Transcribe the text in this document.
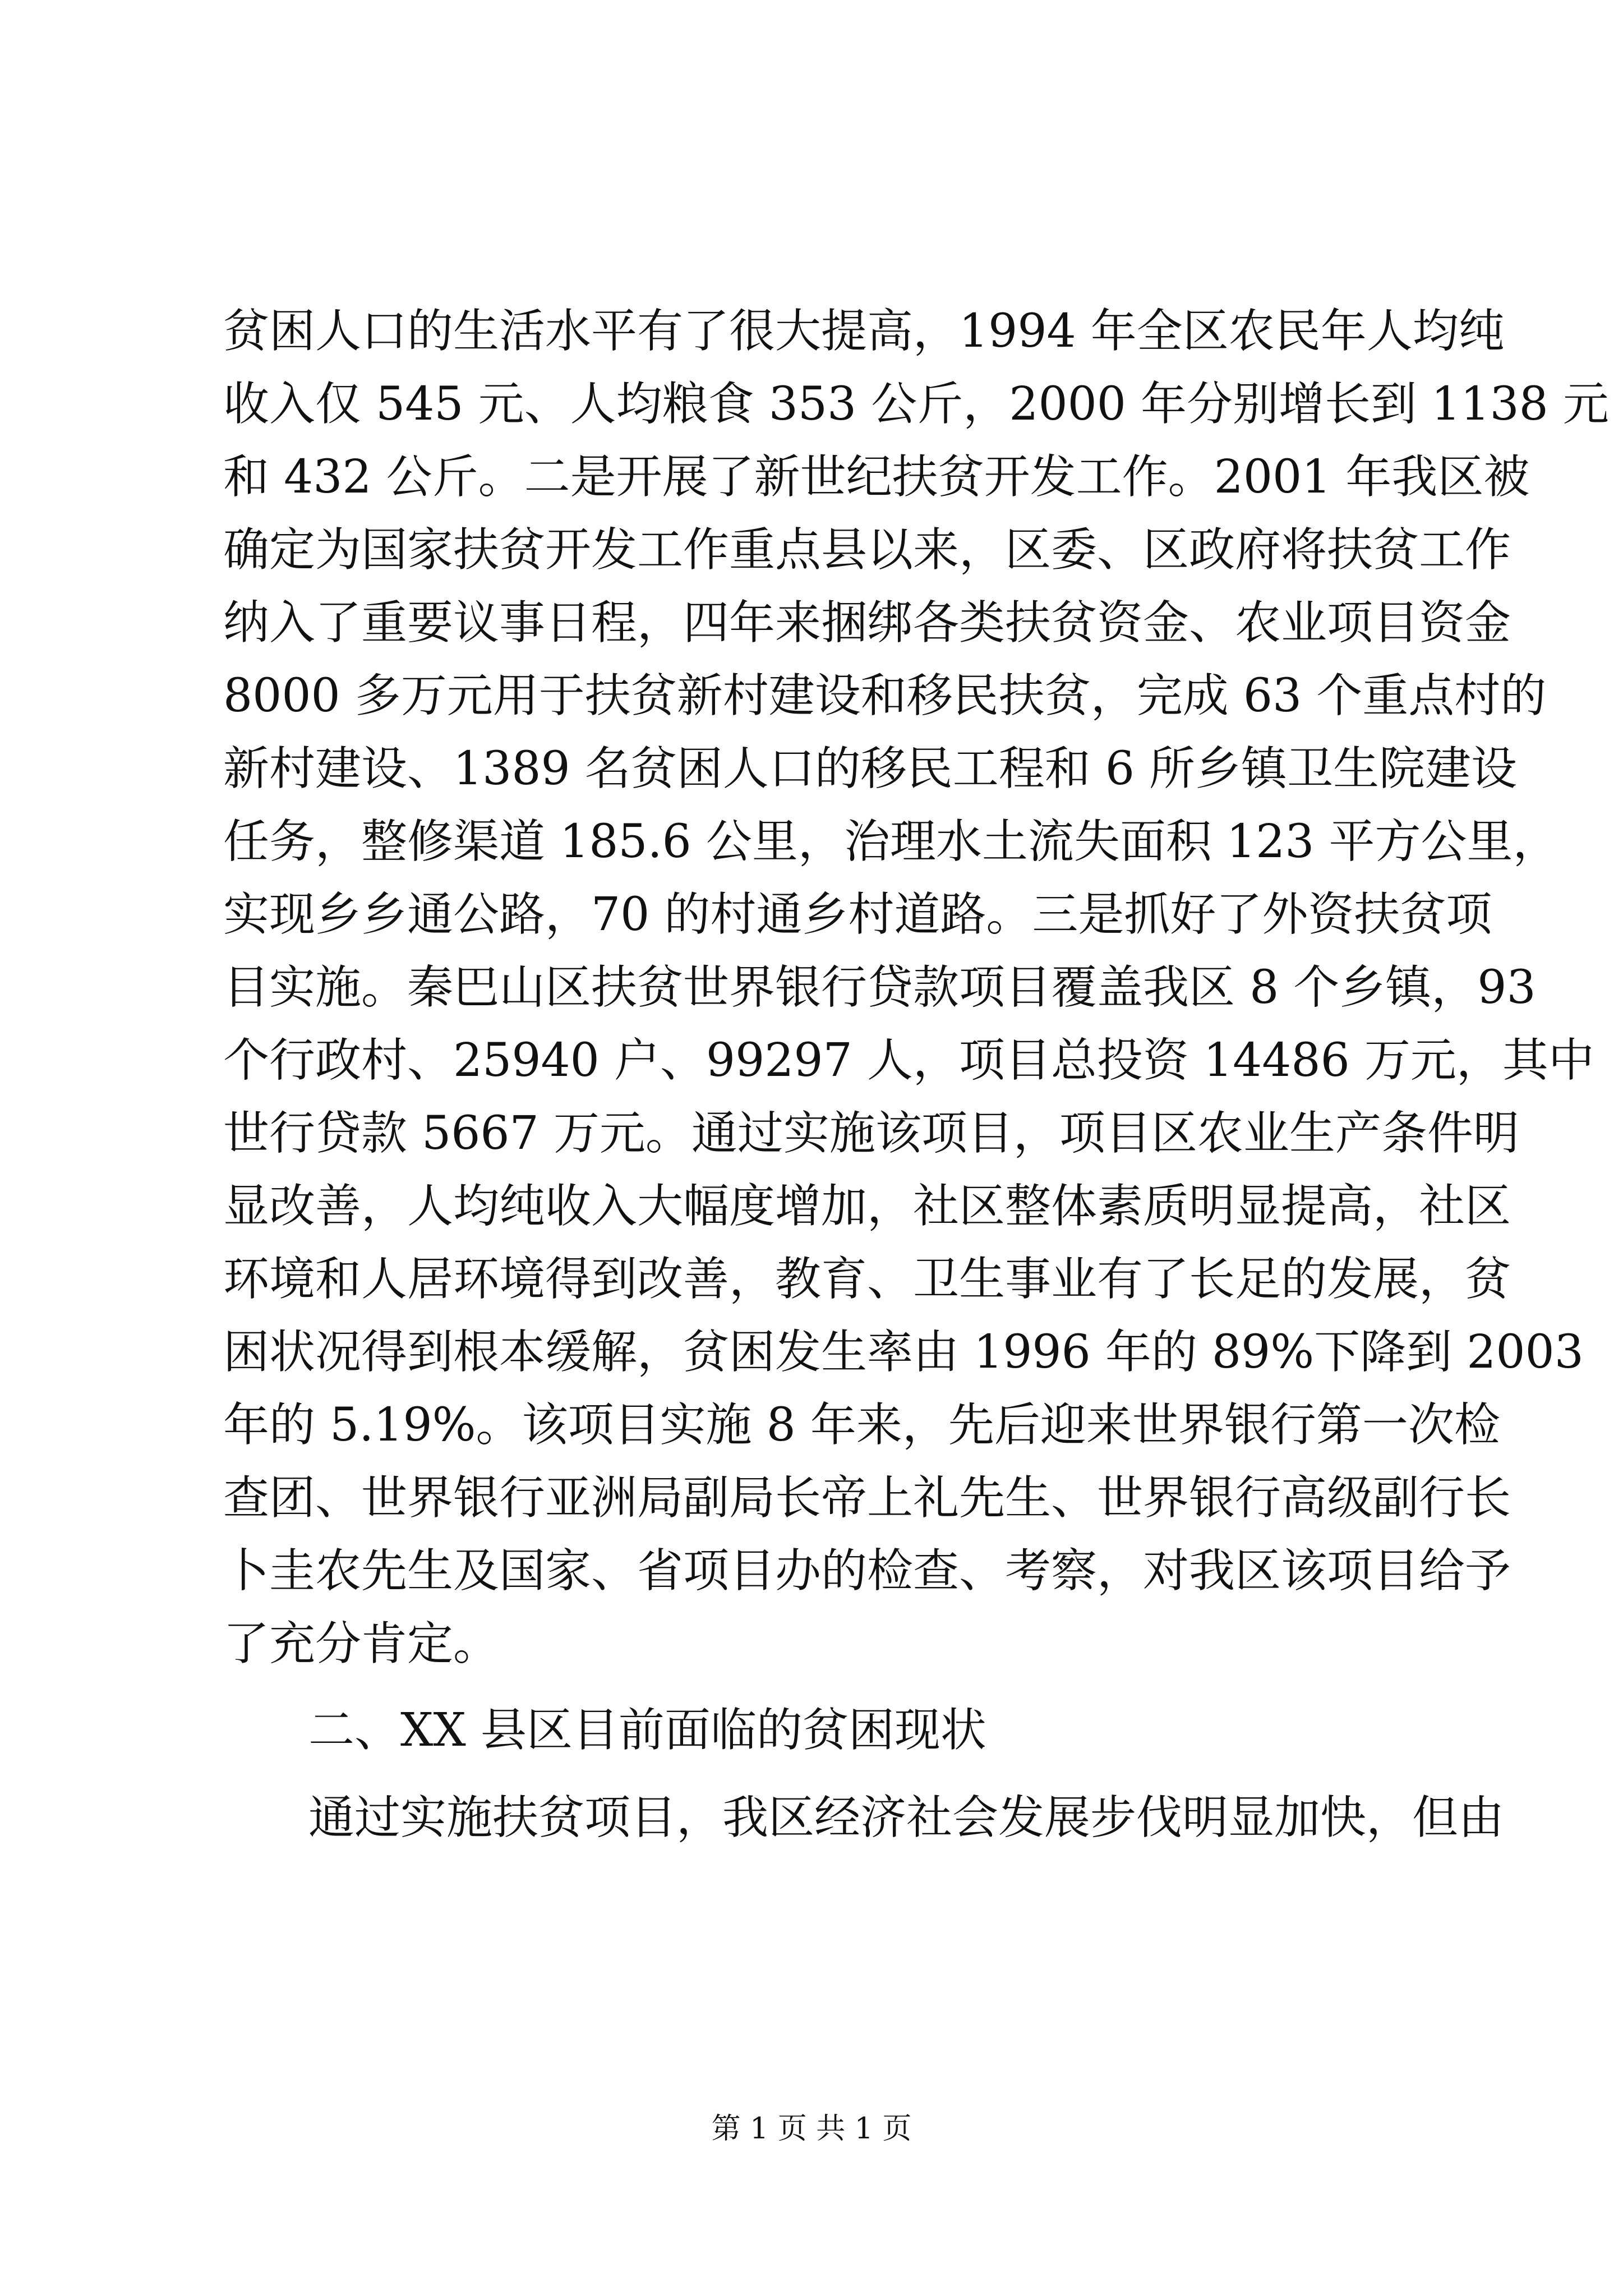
贫困人口的生活水平有了很大提高，1994 年全区农民年人均纯
收入仅 545 元、人均粮食 353 公斤，2000 年分别增长到 1138 元
和 432 公斤。二是开展了新世纪扶贫开发工作。2001 年我区被
确定为国家扶贫开发工作重点县以来，区委、区政府将扶贫工作
纳入了重要议事日程，四年来捆绑各类扶贫资金、农业项目资金
8000 多万元用于扶贫新村建设和移民扶贫，完成 63 个重点村的
新村建设、1389 名贫困人口的移民工程和 6 所乡镇卫生院建设
任务，整修渠道 185.6 公里，治理水土流失面积 123 平方公里，
实现乡乡通公路，70 的村通乡村道路。三是抓好了外资扶贫项
目实施。秦巴山区扶贫世界银行贷款项目覆盖我区 8 个乡镇，93
个行政村、25940 户、99297 人，项目总投资 14486 万元，其中
世行贷款 5667 万元。通过实施该项目，项目区农业生产条件明
显改善，人均纯收入大幅度增加，社区整体素质明显提高，社区
环境和人居环境得到改善，教育、卫生事业有了长足的发展，贫
困状况得到根本缓解，贫困发生率由 1996 年的 89%下降到 2003
年的 5.19%。该项目实施 8 年来，先后迎来世界银行第一次检
查团、世界银行亚洲局副局长帝上礼先生、世界银行高级副行长
卜圭农先生及国家、省项目办的检查、考察，对我区该项目给予
了充分肯定。
二、XX 县区目前面临的贫困现状
通过实施扶贫项目，我区经济社会发展步伐明显加快，但由
第 1 页 共 1 页
